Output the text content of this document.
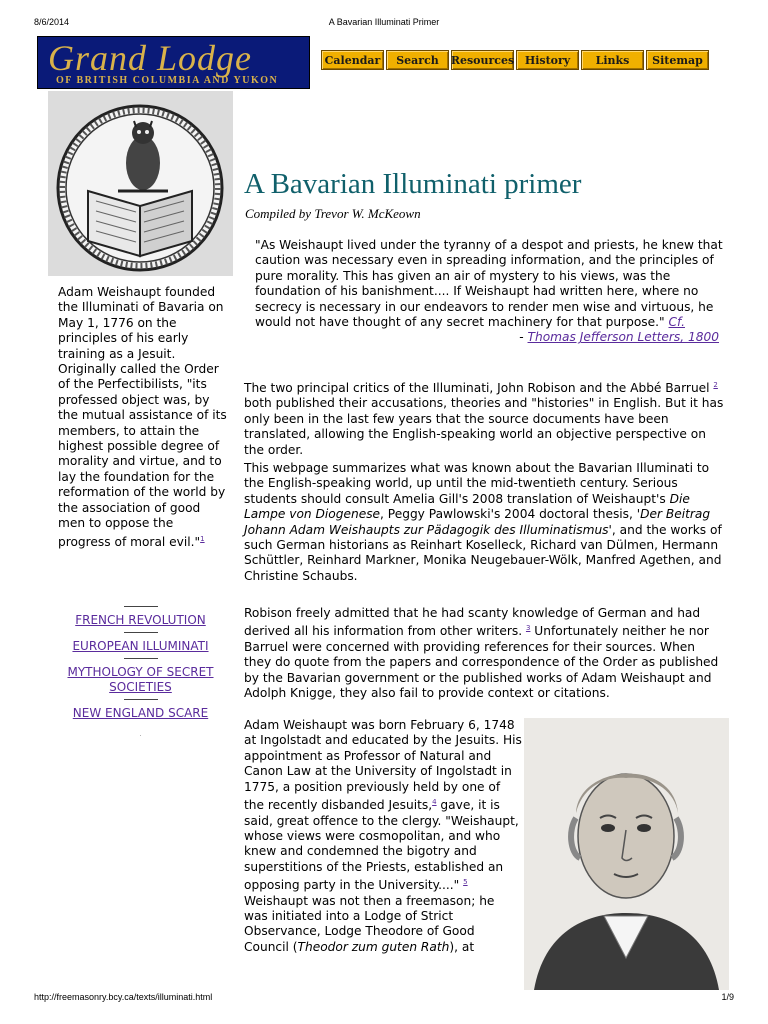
8/6/2014	A Bavarian Illuminati Primer
Grand Lodge
OF BRITISH COLUMBIA AND YUKON
Calendar	Search	Resources History	Links	Sitemap
Adam Weishaupt founded the Illuminati of Bavaria on May 1, 1776 on the principles of his early training as a Jesuit. Originally called the Order of the Perfectibilists, "its professed object was, by the mutual assistance of its members, to attain the highest possible degree of morality and virtue, and to lay the foundation for the reformation of the world by the association of good men to oppose the progress of moral evil."$^1$
FRENCH REVOLUTION
EUROPEAN ILLUMINATI
MYTHOLOGY OF SECRET SOCIETIES
NEW ENGLAND SCARE
·
A Bavarian Illuminati primer
Compiled by Trevor W. McKeown
"As Weishaupt lived under the tyranny of a despot and priests, he knew that caution was necessary even in spreading information, and the principles of pure morality. This has given an air of mystery to his views, was the foundation of his banishment.... If Weishaupt had written here, where no secrecy is necessary in our endeavors to render men wise and virtuous, he would not have thought of any secret machinery for that purpose." Cf.
- Thomas Jefferson Letters, 1800
The two principal critics of the Illuminati, John Robison and the Abbé Barruel $^2$ both published their accusations, theories and "histories" in English. But it has only been in the last few years that the source documents have been translated, allowing the English-speaking world an objective perspective on the order.
This webpage summarizes what was known about the Bavarian Illuminati to the English-speaking world, up until the mid-twentieth century. Serious students should consult Amelia Gill's 2008 translation of Weishaupt's Die Lampe von Diogenese, Peggy Pawlowski's 2004 doctoral thesis, 'Der Beitrag Johann Adam Weishaupts zur Pädagogik des Illuminatismus', and the works of such German historians as Reinhart Koselleck, Richard van Dülmen, Hermann Schüttler, Reinhard Markner, Monika Neugebauer-Wölk, Manfred Agethen, and Christine Schaubs.
Robison freely admitted that he had scanty knowledge of German and had derived all his information from other writers. $^3$ Unfortunately neither he nor Barruel were concerned with providing references for their sources. When they do quote from the papers and correspondence of the Order as published by the Bavarian government or the published works of Adam Weishaupt and Adolph Knigge, they also fail to provide context or citations.
Adam Weishaupt was born February 6, 1748 at Ingolstadt and educated by the Jesuits. His appointment as Professor of Natural and Canon Law at the University of Ingolstadt in 1775, a position previously held by one of the recently disbanded Jesuits,$^4$ gave, it is said, great offence to the clergy. "Weishaupt, whose views were cosmopolitan, and who knew and condemned the bigotry and superstitions of the Priests, established an opposing party in the University...." $^5$ Weishaupt was not then a freemason; he was initiated into a Lodge of Strict Observance, Lodge Theodore of Good Council (Theodor zum guten Rath), at
http://freemasonry.bcy.ca/texts/illuminati.html	1/9
